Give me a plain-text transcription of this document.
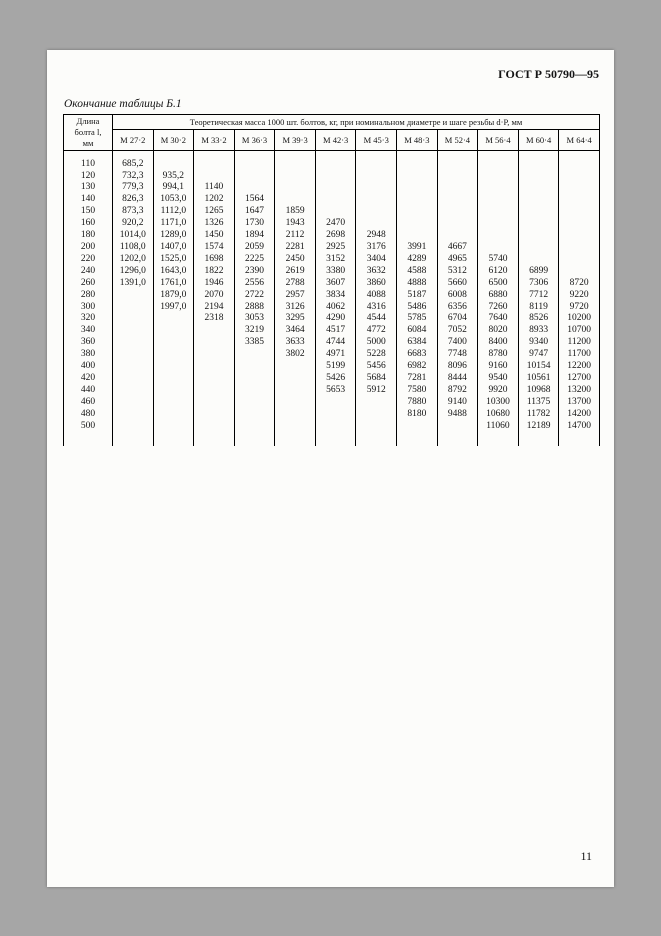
ГОСТ Р 50790—95
Окончание таблицы Б.1
Длина болта l, мм	Теоретическая масса 1000 шт. болтов, кг, при номинальном диаметре и шаге резьбы d·P, мм											
	М 27·2	М 30·2	М 33·2	М 36·3	М 39·3	М 42·3	М 45·3	М 48·3	М 52·4	М 56·4	М 60·4	М 64·4

110	685,2											
120	732,3	935,2										
130	779,3	994,1	1140									
140	826,3	1053,0	1202	1564								
150	873,3	1112,0	1265	1647	1859							
160	920,2	1171,0	1326	1730	1943	2470						
180	1014,0	1289,0	1450	1894	2112	2698	2948					
200	1108,0	1407,0	1574	2059	2281	2925	3176	3991	4667			
220	1202,0	1525,0	1698	2225	2450	3152	3404	4289	4965	5740		
240	1296,0	1643,0	1822	2390	2619	3380	3632	4588	5312	6120	6899	
260	1391,0	1761,0	1946	2556	2788	3607	3860	4888	5660	6500	7306	8720
280		1879,0	2070	2722	2957	3834	4088	5187	6008	6880	7712	9220
300		1997,0	2194	2888	3126	4062	4316	5486	6356	7260	8119	9720
320			2318	3053	3295	4290	4544	5785	6704	7640	8526	10200
340				3219	3464	4517	4772	6084	7052	8020	8933	10700
360				3385	3633	4744	5000	6384	7400	8400	9340	11200
380					3802	4971	5228	6683	7748	8780	9747	11700
400						5199	5456	6982	8096	9160	10154	12200
420						5426	5684	7281	8444	9540	10561	12700
440						5653	5912	7580	8792	9920	10968	13200
460								7880	9140	10300	11375	13700
480								8180	9488	10680	11782	14200
500										11060	12189	14700

11
